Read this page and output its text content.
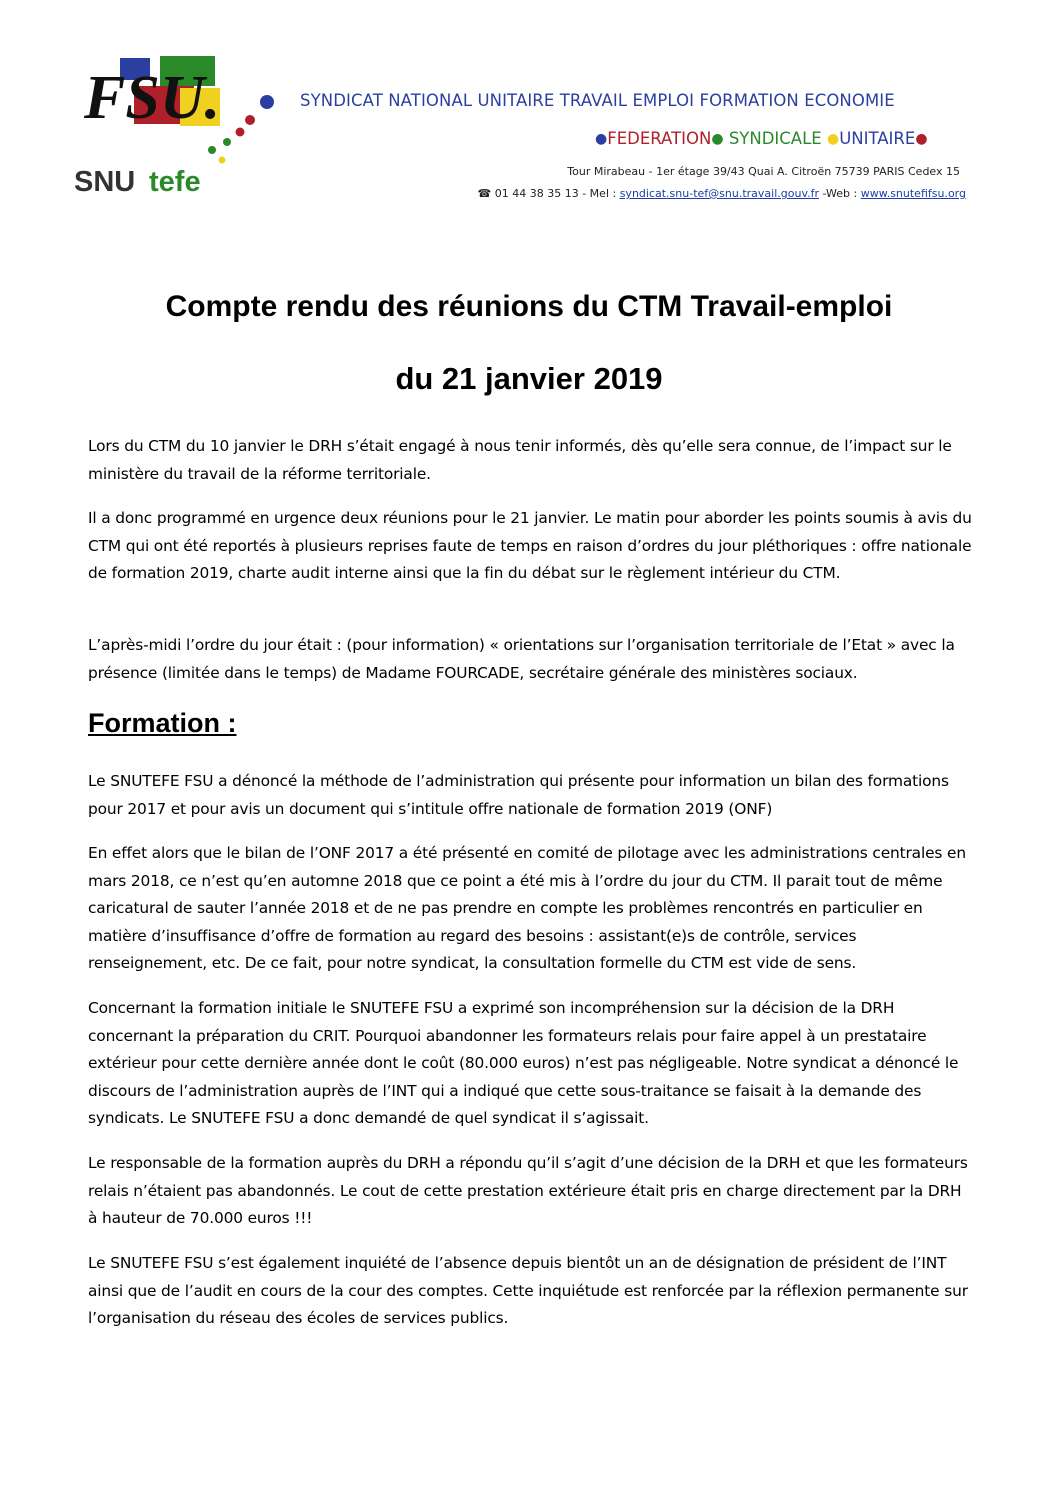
FSU.
SNU tefe
SYNDICAT NATIONAL UNITAIRE TRAVAIL EMPLOI FORMATION ECONOMIE
●FEDERATION● SYNDICALE ●UNITAIRE●
Tour Mirabeau - 1er étage 39/43 Quai A. Citroën 75739 PARIS Cedex 15
☎ 01 44 38 35 13 - Mel : syndicat.snu-tef@snu.travail.gouv.fr -Web : www.snutefifsu.org
Compte rendu des réunions du CTM Travail-emploi
du 21 janvier 2019
Lors du CTM du 10 janvier le DRH s’était engagé à nous tenir informés, dès qu’elle sera connue, de l’impact sur le ministère du travail de la réforme territoriale.
Il a donc programmé en urgence deux réunions pour le 21 janvier. Le matin pour aborder les points soumis à avis du CTM qui ont été reportés à plusieurs reprises faute de temps en raison d’ordres du jour pléthoriques : offre nationale de formation 2019, charte audit interne ainsi que la fin du débat sur le règlement intérieur du CTM.
L’après-midi l’ordre du jour était : (pour information) « orientations sur l’organisation territoriale de l’Etat » avec la présence (limitée dans le temps) de Madame FOURCADE, secrétaire générale des ministères sociaux.
Formation :
Le SNUTEFE FSU a dénoncé la méthode de l’administration qui présente pour information un bilan des formations pour 2017 et pour avis un document qui s’intitule offre nationale de formation 2019 (ONF)
En effet alors que le bilan de l’ONF 2017 a été présenté en comité de pilotage avec les administrations centrales en mars 2018, ce n’est qu’en automne 2018 que ce point a été mis à l’ordre du jour du CTM. Il parait tout de même caricatural de sauter l’année 2018 et de ne pas prendre en compte les problèmes rencontrés en particulier en matière d’insuffisance d’offre de formation au regard des besoins : assistant(e)s de contrôle, services renseignement, etc. De ce fait, pour notre syndicat, la consultation formelle du CTM est vide de sens.
Concernant la formation initiale le SNUTEFE FSU a exprimé son incompréhension sur la décision de la DRH concernant la préparation du CRIT. Pourquoi abandonner les formateurs relais pour faire appel à un prestataire extérieur pour cette dernière année dont le coût (80.000 euros) n’est pas négligeable. Notre syndicat a dénoncé le discours de l’administration auprès de l’INT qui a indiqué que cette sous-traitance se faisait à la demande des syndicats. Le SNUTEFE FSU a donc demandé de quel syndicat il s’agissait.
Le responsable de la formation auprès du DRH a répondu qu’il s’agit d’une décision de la DRH et que les formateurs relais n’étaient pas abandonnés. Le cout de cette prestation extérieure était pris en charge directement par la DRH à hauteur de 70.000 euros !!!
Le SNUTEFE FSU s’est également inquiété de l’absence depuis bientôt un an de désignation de président de l’INT ainsi que de l’audit en cours de la cour des comptes. Cette inquiétude est renforcée par la réflexion permanente sur l’organisation du réseau des écoles de services publics.
